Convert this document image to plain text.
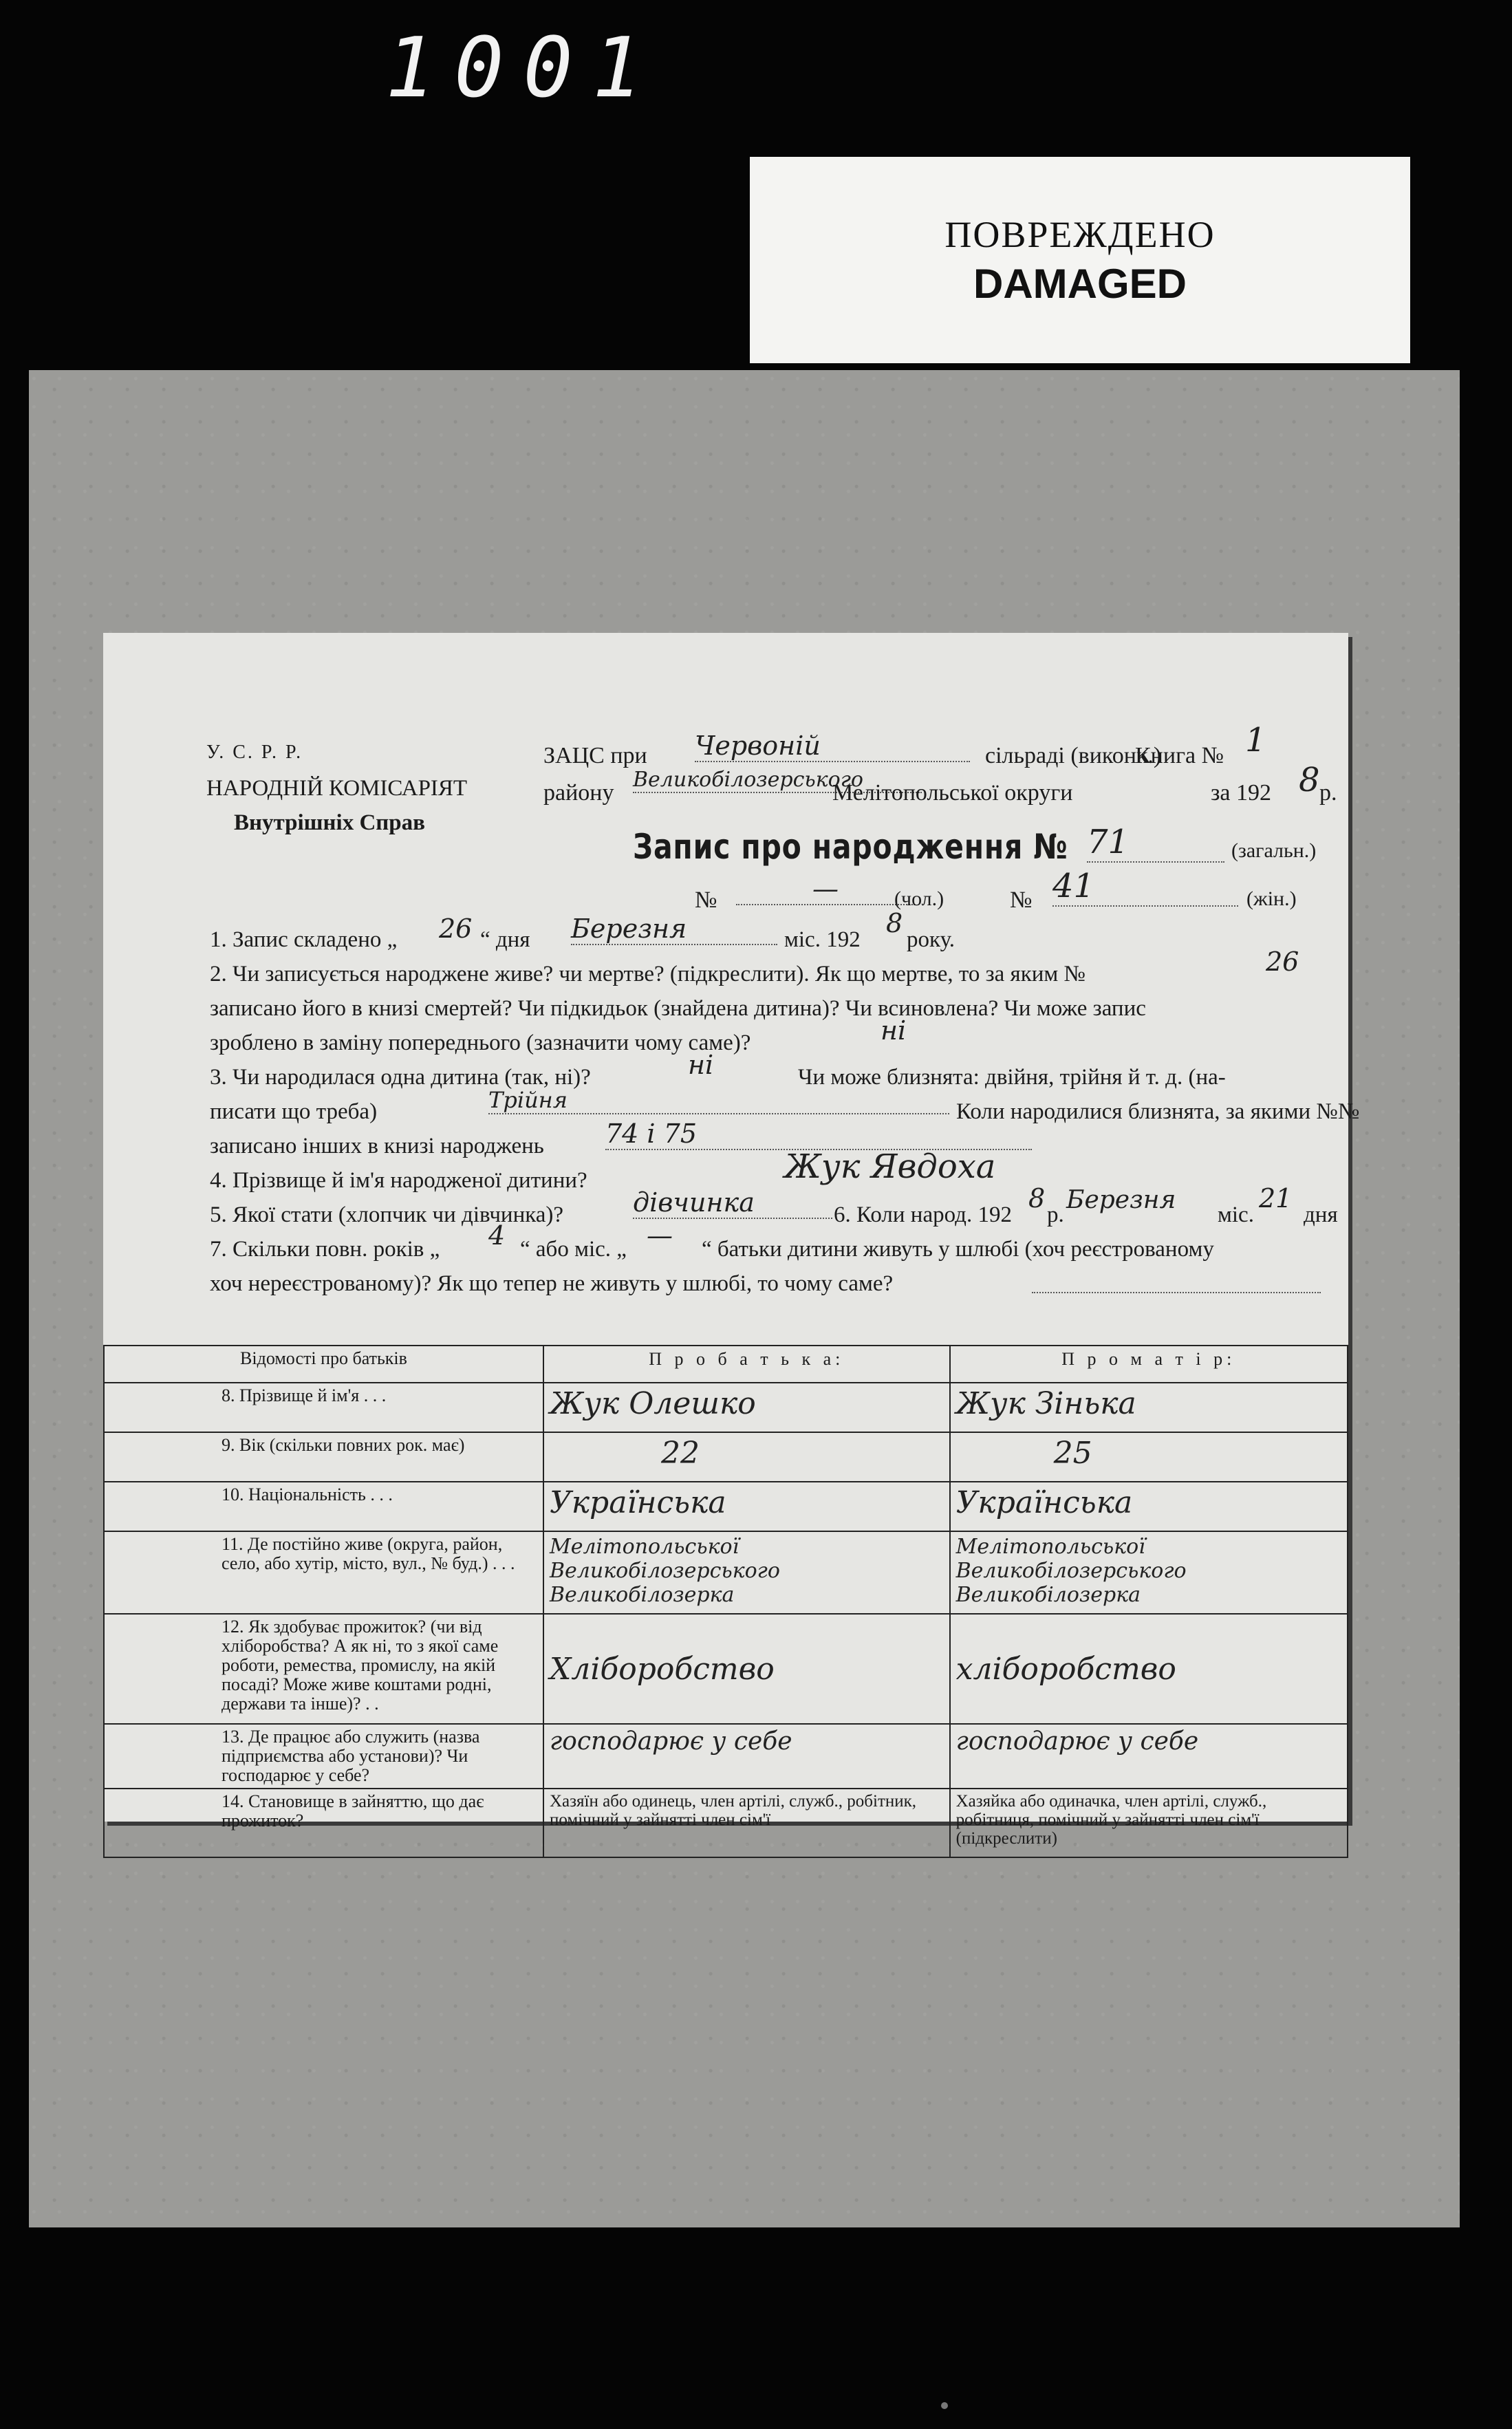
1001
ПОВРЕЖДЕНО
DAMAGED
У. С. Р. Р.
НАРОДНІЙ КОМІСАРІЯТ
Внутрішніх Справ
ЗАЦС при Червоній	сільраді (виконк.)
Книга № 1
району
Великобілозерського
Мелітопольської округи	за 192 8 р.
Запис про народження № 71	(загальн.)
№	—	(чол.)	№ 41	(жін.)
1. Запис складено „ 26 “ дня Березня	міс. 192
8
року.
2. Чи записується народжене живе? чи мертве? (підкреслити). Як що мертве, то за яким №	26
записано його в книзі смертей? Чи підкидьок (знайдена дитина)? Чи всиновлена? Чи може запис
зроблено в заміну попереднього (зазначити чому саме)?	ні
3. Чи народилася одна дитина (так, ні)?	ні	Чи може близнята: двійня, трійня й т. д. (на-
писати що треба)	Трійня	Коли народилися близнята, за якими №№
записано інших в книзі народжень 74 і 75
4. Прізвище й ім'я народженої дитини?	Жук Явдоха
5. Якої стати (хлопчик чи дівчинка)?	дівчинка	6. Коли народ. 192
8
р.
Березня
міс.
21
дня
7. Скільки повн. років „ 4 “ або міс. „ — “ батьки дитини живуть у шлюбі (хоч реєстрованому
хоч нереєстрованому)? Як що тепер не живуть у шлюбі, то чому саме?
Відомості про батьків	П р о б а т ь к а:	П р о м а т і р:
8. Прізвище й ім'я . . .	Жук Олешко	Жук Зінька
9. Вік (скільки повних рок. має)	22	25
10. Національність . . .	Українська	Українська
11. Де постійно живе (округа, район, село, або хутір, місто, вул., № буд.) . . .	Мелітопольської Великобілозерського Великобілозерка	Мелітопольської Великобілозерського Великобілозерка
12. Як здобуває прожиток? (чи від хліборобства? А як ні, то з якої саме роботи, ремества, промислу, на якій посаді? Може живе коштами родні, держави та інше)? . .	Хліборобство	хліборобство
13. Де працює або служить (назва підприємства або установи)? Чи господарює у себе?	господарює у себе	господарює у себе
14. Становище в зайняттю, що дає прожиток?	Хазяїн або одинець, член артілі, служб., робітник, помічний у зайнятті член сім'ї	Хазяйка або одиначка, член артілі, служб., робітниця, помічний у зайнятті член сім'ї (підкреслити)
